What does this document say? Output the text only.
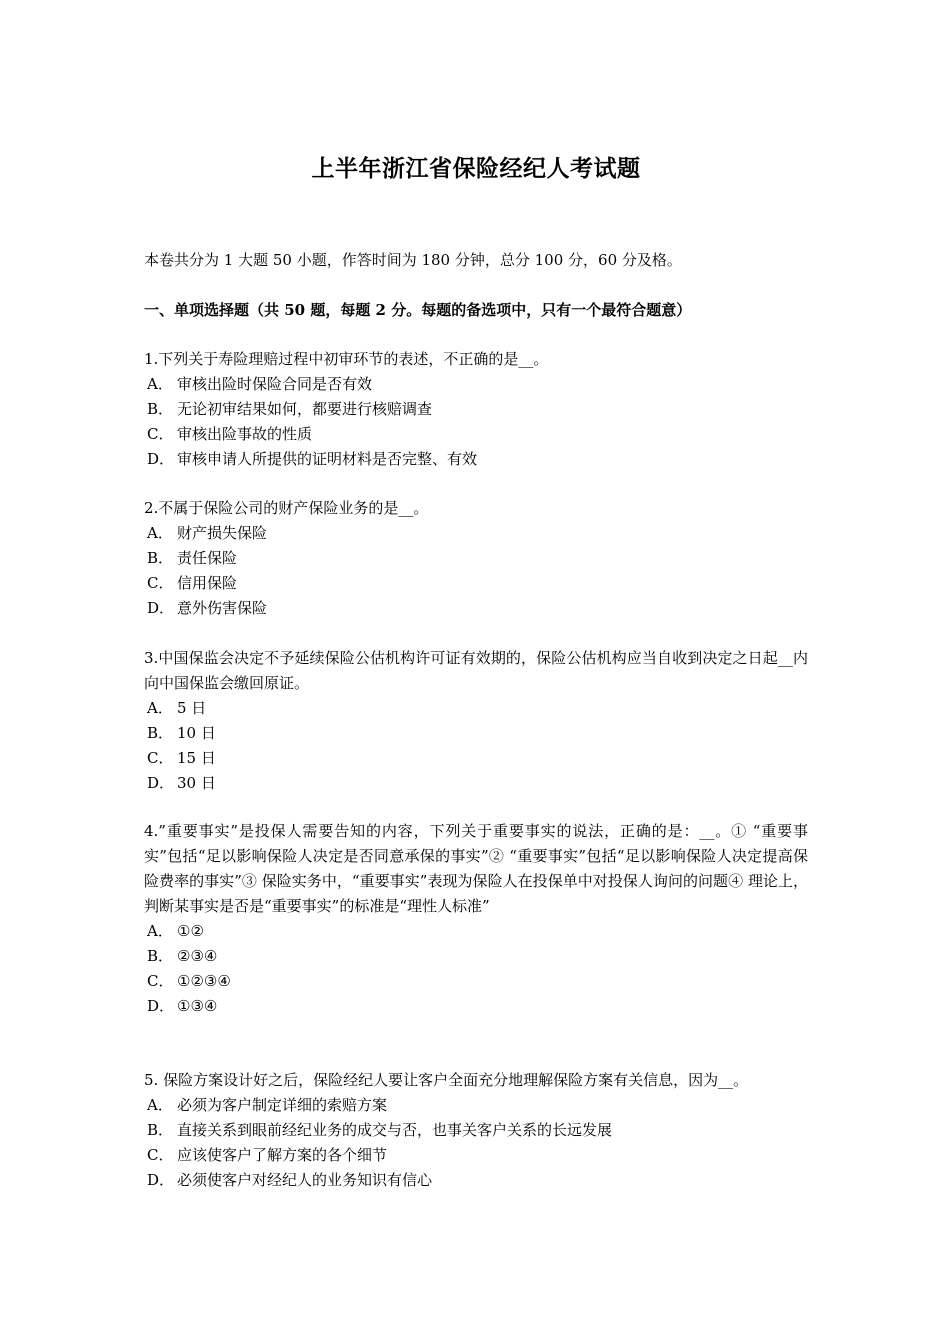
上半年浙江省保险经纪人考试题
本卷共分为 1 大题 50 小题，作答时间为 180 分钟，总分 100 分，60 分及格。
一、单项选择题（共 50 题，每题 2 分。每题的备选项中，只有一个最符合题意）
1.下列关于寿险理赔过程中初审环节的表述，不正确的是__。
A． 审核出险时保险合同是否有效
B． 无论初审结果如何，都要进行核赔调查
C． 审核出险事故的性质
D． 审核申请人所提供的证明材料是否完整、有效
2.不属于保险公司的财产保险业务的是__。
A． 财产损失保险
B． 责任保险
C． 信用保险
D． 意外伤害保险
3.中国保监会决定不予延续保险公估机构许可证有效期的，保险公估机构应当自收到决定之日起__内向中国保监会缴回原证。
A． 5 日
B． 10 日
C． 15 日
D． 30 日
4.”重要事实”是投保人需要告知的内容，下列关于重要事实的说法，正确的是：__。① “重要事实”包括“足以影响保险人决定是否同意承保的事实”② “重要事实”包括“足以影响保险人决定提高保险费率的事实”③ 保险实务中，“重要事实”表现为保险人在投保单中对投保人询问的问题④ 理论上，判断某事实是否是“重要事实”的标准是“理性人标准”
A． ①②
B． ②③④
C． ①②③④
D． ①③④
5. 保险方案设计好之后，保险经纪人要让客户全面充分地理解保险方案有关信息，因为__。
A． 必须为客户制定详细的索赔方案
B． 直接关系到眼前经纪业务的成交与否，也事关客户关系的长远发展
C． 应该使客户了解方案的各个细节
D． 必须使客户对经纪人的业务知识有信心
